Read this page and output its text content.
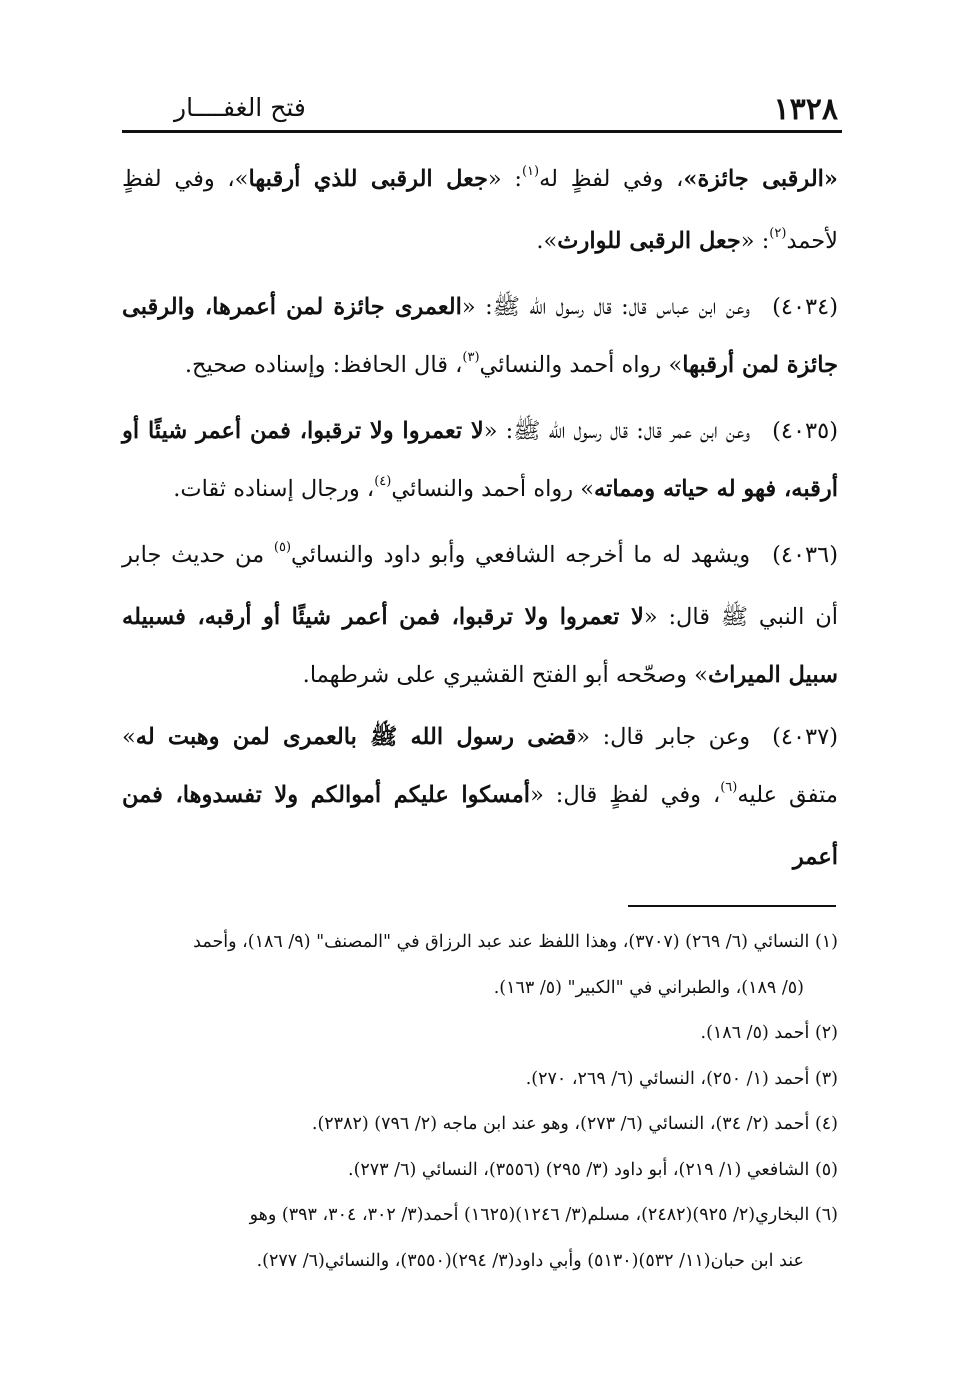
١٣٢٨
فتح الغفــــار

«الرقبى جائزة»، وفي لفظٍ له$^{(١)}$: «جعل الرقبى للذي أرقبها»، وفي لفظٍ لأحمد$^{(٢)}$: «جعل الرقبى للوارث».

(٤٠٣٤)وعن ابن عباس قال: قال رسول الله ﷺ: «العمرى جائزة لمن أعمرها، والرقبى جائزة لمن أرقبها» رواه أحمد والنسائي$^{(٣)}$، قال الحافظ: وإسناده صحيح.

(٤٠٣٥)وعن ابن عمر قال: قال رسول الله ﷺ: «لا تعمروا ولا ترقبوا، فمن أعمر شيئًا أو أرقبه، فهو له حياته ومماته» رواه أحمد والنسائي$^{(٤)}$، ورجال إسناده ثقات.

(٤٠٣٦)ويشهد له ما أخرجه الشافعي وأبو داود والنسائي$^{(٥)}$ من حديث جابر أن النبي ﷺ قال: «لا تعمروا ولا ترقبوا، فمن أعمر شيئًا أو أرقبه، فسبيله سبيل الميراث» وصحّحه أبو الفتح القشيري على شرطهما.

(٤٠٣٧)وعن جابر قال: «قضى رسول الله ﷺ بالعمرى لمن وهبت له» متفق عليه$^{(٦)}$، وفي لفظٍ قال: «أمسكوا عليكم أموالكم ولا تفسدوها، فمن أعمر

(١) النسائي (٦/ ٢٦٩) (٣٧٠٧)، وهذا اللفظ عند عبد الرزاق في "المصنف" (٩/ ١٨٦)، وأحمد
(٥/ ١٨٩)، والطبراني في "الكبير" (٥/ ١٦٣).
(٢) أحمد (٥/ ١٨٦).
(٣) أحمد (١/ ٢٥٠)، النسائي (٦/ ٢٦٩، ٢٧٠).
(٤) أحمد (٢/ ٣٤)، النسائي (٦/ ٢٧٣)، وهو عند ابن ماجه (٢/ ٧٩٦) (٢٣٨٢).
(٥) الشافعي (١/ ٢١٩)، أبو داود (٣/ ٢٩٥) (٣٥٥٦)، النسائي (٦/ ٢٧٣).
(٦) البخاري(٢/ ٩٢٥)(٢٤٨٢)، مسلم(٣/ ١٢٤٦)(١٦٢٥) أحمد(٣/ ٣٠٢، ٣٠٤، ٣٩٣) وهو
عند ابن حبان(١١/ ٥٣٢)(٥١٣٠) وأبي داود(٣/ ٢٩٤)(٣٥٥٠)، والنسائي(٦/ ٢٧٧).
